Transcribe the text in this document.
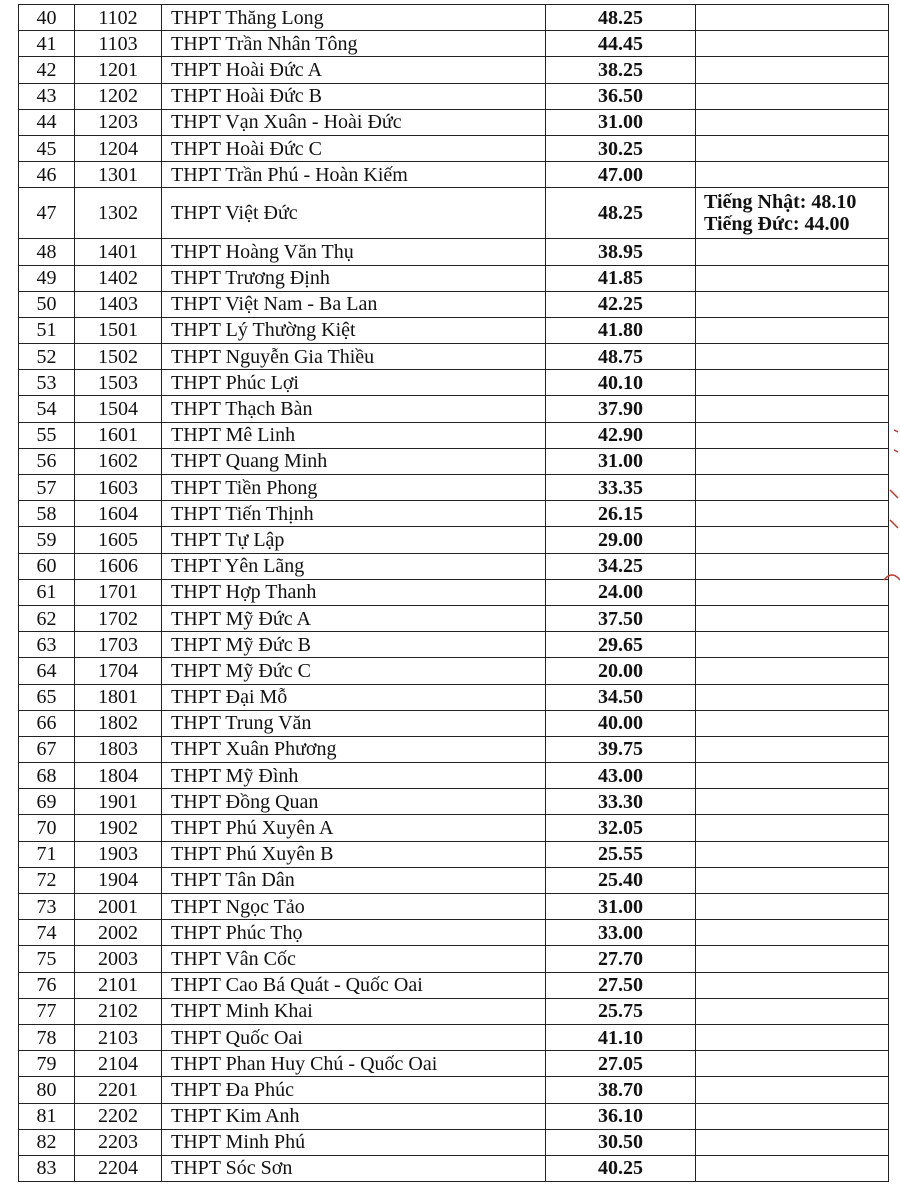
40	1102	THPT Thăng Long	48.25	
41	1103	THPT Trần Nhân Tông	44.45	
42	1201	THPT Hoài Đức A	38.25	
43	1202	THPT Hoài Đức B	36.50	
44	1203	THPT Vạn Xuân - Hoài Đức	31.00	
45	1204	THPT Hoài Đức C	30.25	
46	1301	THPT Trần Phú - Hoàn Kiếm	47.00	
47	1302	THPT Việt Đức	48.25	Tiếng Nhật: 48.10
Tiếng Đức: 44.00

48	1401	THPT Hoàng Văn Thụ	38.95	
49	1402	THPT Trương Định	41.85	
50	1403	THPT Việt Nam - Ba Lan	42.25	
51	1501	THPT Lý Thường Kiệt	41.80	
52	1502	THPT Nguyễn Gia Thiều	48.75	
53	1503	THPT Phúc Lợi	40.10	
54	1504	THPT Thạch Bàn	37.90	
55	1601	THPT Mê Linh	42.90	
56	1602	THPT Quang Minh	31.00	
57	1603	THPT Tiền Phong	33.35	
58	1604	THPT Tiến Thịnh	26.15	
59	1605	THPT Tự Lập	29.00	
60	1606	THPT Yên Lãng	34.25	
61	1701	THPT Hợp Thanh	24.00	
62	1702	THPT Mỹ Đức A	37.50	
63	1703	THPT Mỹ Đức B	29.65	
64	1704	THPT Mỹ Đức C	20.00	
65	1801	THPT Đại Mỗ	34.50	
66	1802	THPT Trung Văn	40.00	
67	1803	THPT Xuân Phương	39.75	
68	1804	THPT Mỹ Đình	43.00	
69	1901	THPT Đồng Quan	33.30	
70	1902	THPT Phú Xuyên A	32.05	
71	1903	THPT Phú Xuyên B	25.55	
72	1904	THPT Tân Dân	25.40	
73	2001	THPT Ngọc Tảo	31.00	
74	2002	THPT Phúc Thọ	33.00	
75	2003	THPT Vân Cốc	27.70	
76	2101	THPT Cao Bá Quát - Quốc Oai	27.50	
77	2102	THPT Minh Khai	25.75	
78	2103	THPT Quốc Oai	41.10	
79	2104	THPT Phan Huy Chú - Quốc Oai	27.05	
80	2201	THPT Đa Phúc	38.70	
81	2202	THPT Kim Anh	36.10	
82	2203	THPT Minh Phú	30.50	
83	2204	THPT Sóc Sơn	40.25	
